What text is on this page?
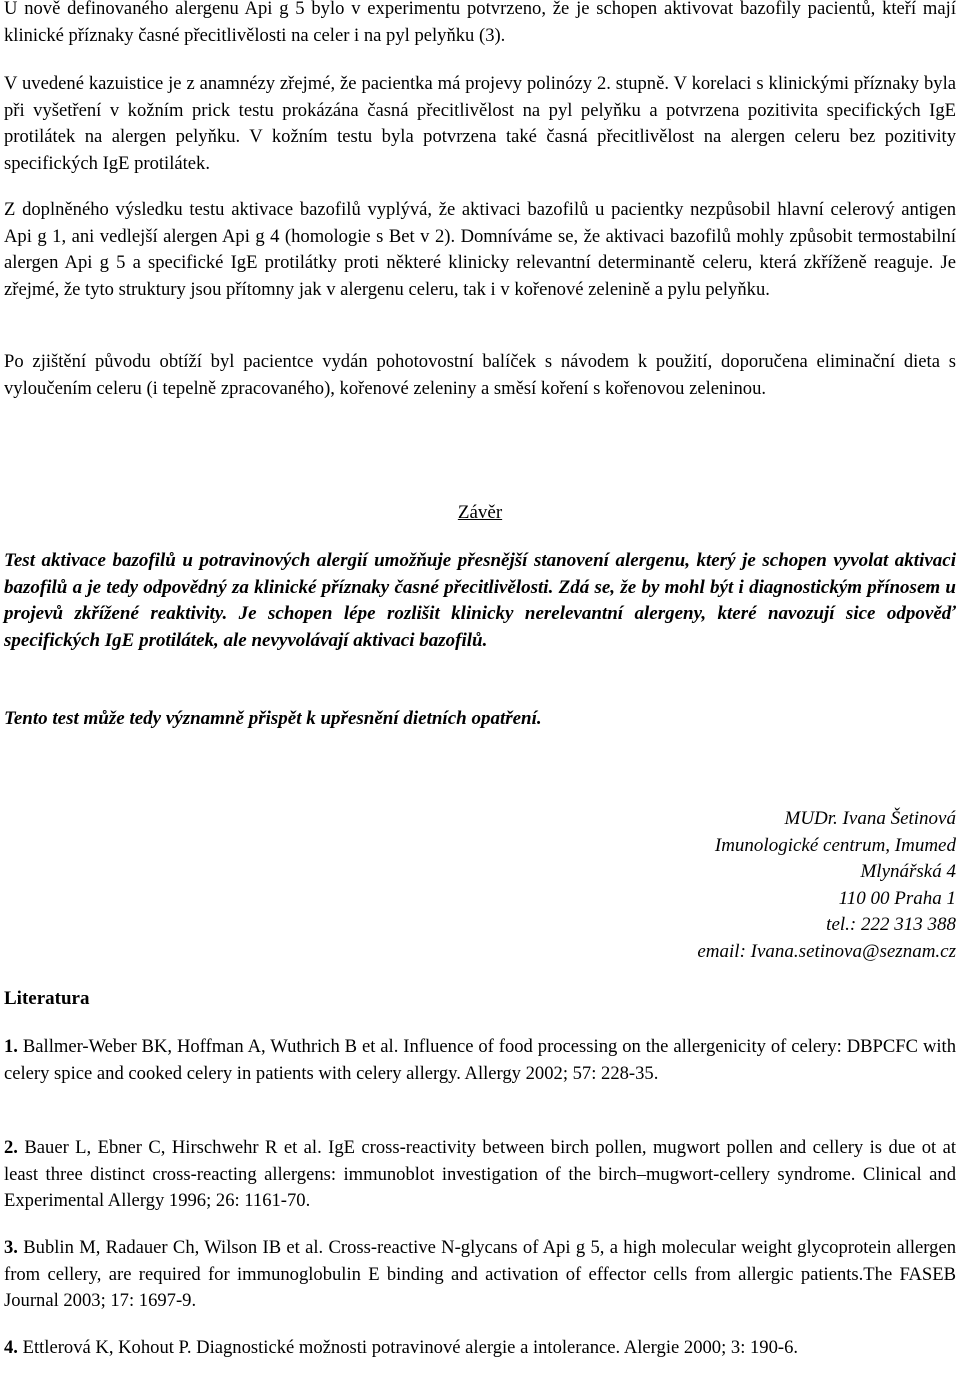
U nově definovaného alergenu Api g 5 bylo v experimentu potvrzeno, že je schopen aktivovat bazofily pacientů, kteří mají klinické příznaky časné přecitlivělosti na celer i na pyl pelyňku (3).

V uvedené kazuistice je z anamnézy zřejmé, že pacientka má projevy polinózy 2. stupně. V korelaci s klinickými příznaky byla při vyšetření v kožním prick testu prokázána časná přecitlivělost na pyl pelyňku a potvrzena pozitivita specifických IgE protilátek na alergen pelyňku. V kožním testu byla potvrzena také časná přecitlivělost na alergen celeru bez pozitivity specifických IgE protilátek.

Z doplněného výsledku testu aktivace bazofilů vyplývá, že aktivaci bazofilů u pacientky nezpůsobil hlavní celerový antigen Api g 1, ani vedlejší alergen Api g 4 (homologie s Bet v 2). Domníváme se, že aktivaci bazofilů mohly způsobit termostabilní alergen Api g 5 a specifické IgE protilátky proti některé klinicky relevantní determinantě celeru, která zkříženě reaguje. Je zřejmé, že tyto struktury jsou přítomny jak v alergenu celeru, tak i v kořenové zelenině a pylu pelyňku.

Po zjištění původu obtíží byl pacientce vydán pohotovostní balíček s návodem k použití, doporučena eliminační dieta s vyloučením celeru (i tepelně zpracovaného), kořenové zeleniny a směsí koření s kořenovou zeleninou.

Závěr

Test aktivace bazofilů u potravinových alergií umožňuje přesnější stanovení alergenu, který je schopen vyvolat aktivaci bazofilů a je tedy odpovědný za klinické příznaky časné přecitlivělosti. Zdá se, že by mohl být i diagnostickým přínosem u projevů zkřížené reaktivity. Je schopen lépe rozlišit klinicky nerelevantní alergeny, které navozují sice odpověď specifických IgE protilátek, ale nevyvolávají aktivaci bazofilů.

Tento test může tedy významně přispět k upřesnění dietních opatření.

MUDr. Ivana Šetinová
Imunologické centrum, Imumed
Mlynářská 4
110 00 Praha 1
tel.: 222 313 388
email: Ivana.setinova@seznam.cz
Literatura

1. Ballmer-Weber BK, Hoffman A, Wuthrich B et al. Influence of food processing on the allergenicity of celery: DBPCFC with celery spice and cooked celery in patients with celery allergy. Allergy 2002; 57: 228-35.

2. Bauer L, Ebner C, Hirschwehr R et al. IgE cross-reactivity between birch pollen, mugwort pollen and cellery is due ot at least three distinct cross-reacting allergens: immunoblot investigation of the birch–mugwort-cellery syndrome. Clinical and Experimental Allergy 1996; 26: 1161-70.

3. Bublin M, Radauer Ch, Wilson IB et al. Cross-reactive N-glycans of Api g 5, a high molecular weight glycoprotein allergen from cellery, are required for immunoglobulin E binding and activation of effector cells from allergic patients.The FASEB Journal 2003; 17: 1697-9.

4. Ettlerová K, Kohout P. Diagnostické možnosti potravinové alergie a intolerance. Alergie 2000; 3: 190-6.
